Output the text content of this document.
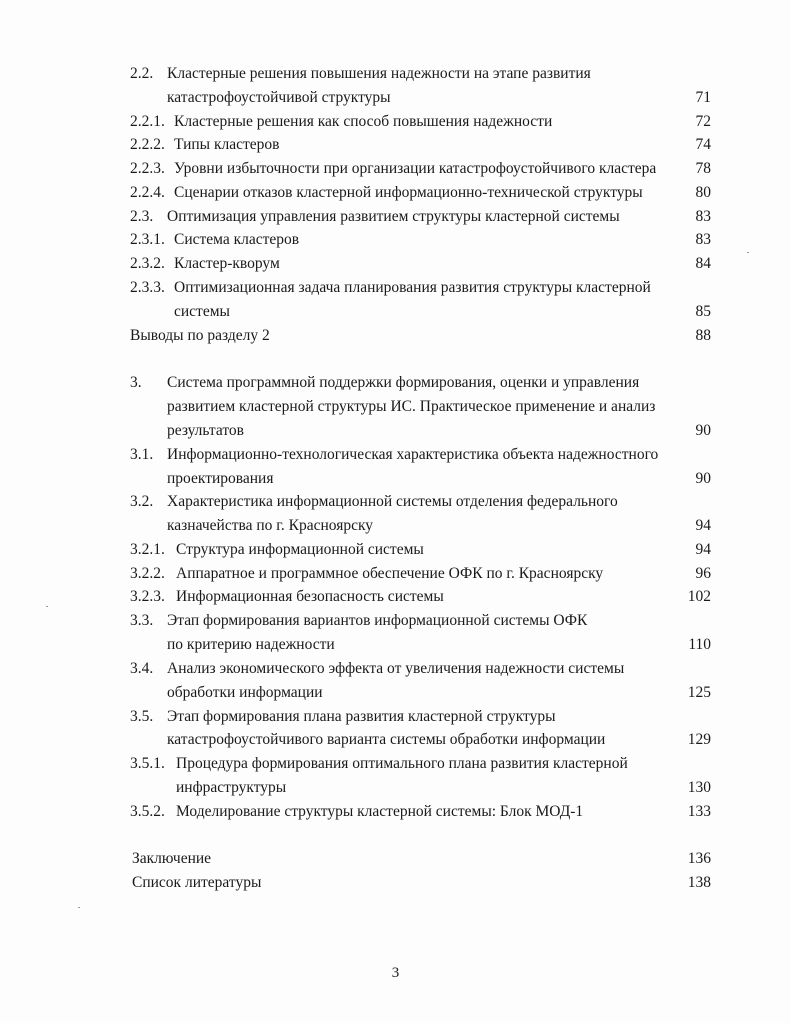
2.2. Кластерные решения повышения надежности на этапе развития
катастрофоустойчивой структуры	71
2.2.1. Кластерные решения как способ повышения надежности	72
2.2.2. Типы кластеров	74
2.2.3. Уровни избыточности при организации катастрофоустойчивого кластера	78
2.2.4. Сценарии отказов кластерной информационно-технической структуры	80
2.3. Оптимизация управления развитием структуры кластерной системы	83
2.3.1. Система кластеров	83
2.3.2. Кластер-кворум	84
2.3.3. Оптимизационная задача планирования развития структуры кластерной
системы	85
Выводы по разделу 2	88
3. Система программной поддержки формирования, оценки и управления
развитием кластерной структуры ИС. Практическое применение и анализ
результатов	90
3.1. Информационно-технологическая характеристика объекта надежностного
проектирования	90
3.2. Характеристика информационной системы отделения федерального
казначейства по г. Красноярску	94
3.2.1. Структура информационной системы	94
3.2.2. Аппаратное и программное обеспечение ОФК по г. Красноярску	96
3.2.3. Информационная безопасность системы	102
3.3. Этап формирования вариантов информационной системы ОФК
по критерию надежности	110
3.4. Анализ экономического эффекта от увеличения надежности системы
обработки информации	125
3.5. Этап формирования плана развития кластерной структуры
катастрофоустойчивого варианта системы обработки информации	129
3.5.1. Процедура формирования оптимального плана развития кластерной
инфраструктуры	130
3.5.2. Моделирование структуры кластерной системы: Блок МОД-1	133
Заключение	136
Список литературы	138
3
